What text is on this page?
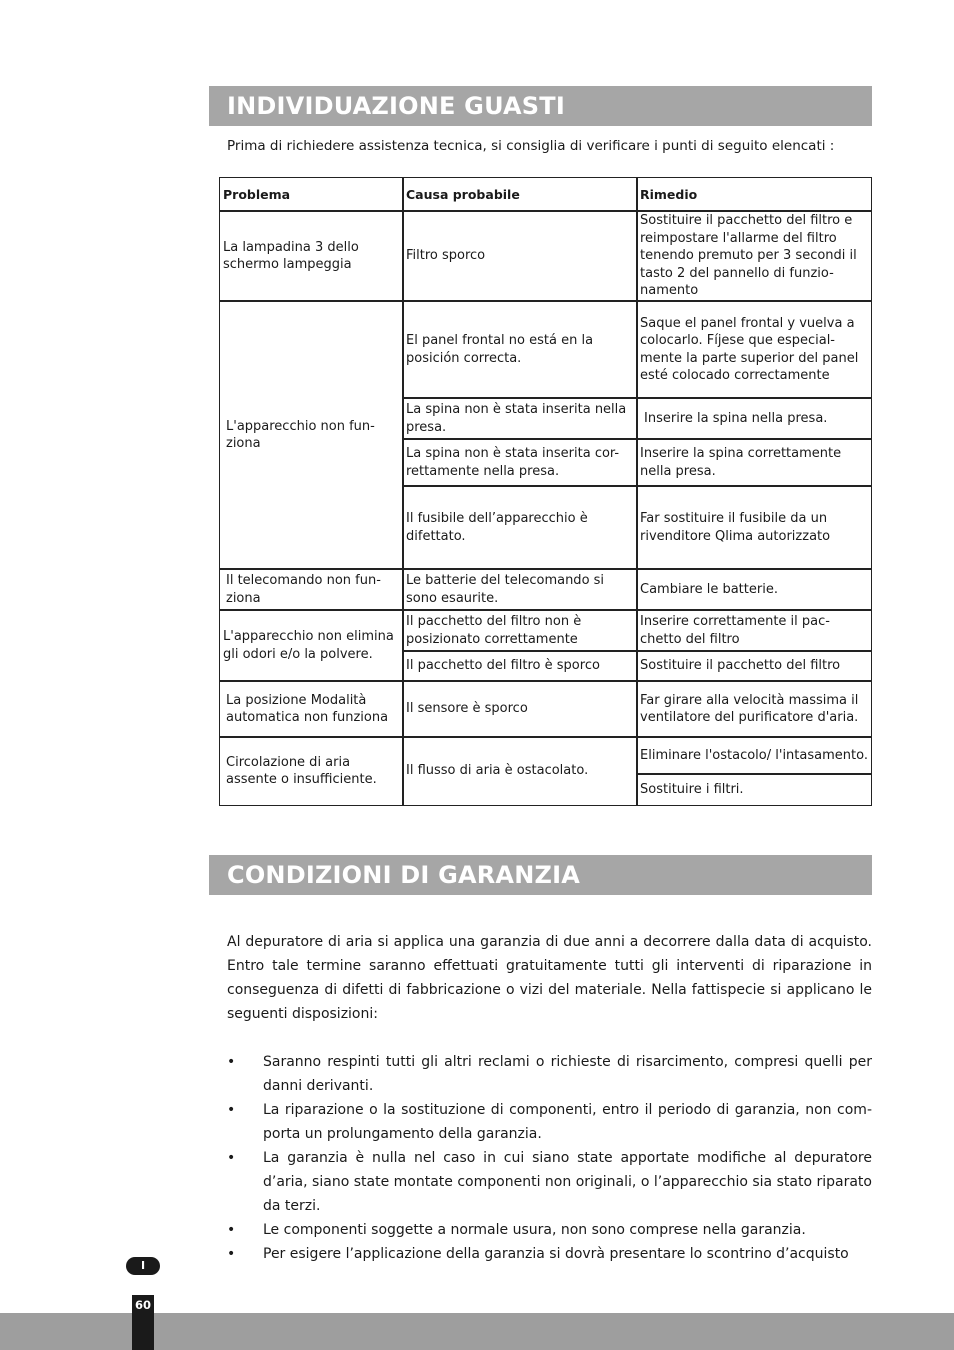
INDIVIDUAZIONE GUASTI
Prima di richiedere assistenza tecnica, si consiglia di verificare i punti di seguito elencati :
Problema	Causa probabile	Rimedio
La lampadina 3 dello schermo lampeggia
L'apparecchio non fun- ziona
Il telecomando non fun- ziona
L'apparecchio non elimina gli odori e/o la polvere.
La posizione Modalità automatica non funziona
Circolazione di aria assente o insufficiente.
Filtro sporco
El panel frontal no está en la posición correcta.
La spina non è stata inserita nella presa.
La spina non è stata inserita cor- rettamente nella presa.
Il fusibile dell’apparecchio è difettato.
Le batterie del telecomando si sono esaurite.
Il pacchetto del filtro non è posizionato correttamente
Il pacchetto del filtro è sporco
Il sensore è sporco
Il flusso di aria è ostacolato.
Sostituire il pacchetto del filtro e reimpostare l'allarme del filtro tenendo premuto per 3 secondi il tasto 2 del pannello di funzio- namento
Saque el panel frontal y vuelva a colocarlo. Fíjese que especial- mente la parte superior del panel esté colocado correctamente
Inserire la spina nella presa.
Inserire la spina correttamente nella presa.
Far sostituire il fusibile da un rivenditore Qlima autorizzato
Cambiare le batterie.
Inserire correttamente il pac- chetto del filtro
Sostituire il pacchetto del filtro
Far girare alla velocità massima il ventilatore del purificatore d'aria.
Eliminare l'ostacolo/ l'intasamento.
Sostituire i filtri.
CONDIZIONI DI GARANZIA
Al depuratore di aria si applica una garanzia di due anni a decorrere dalla data di acquisto. Entro tale termine saranno effettuati gratuitamente tutti gli interventi di riparazione in conseguenza di difetti di fabbricazione o vizi del materiale. Nella fattispecie si applicano le seguenti disposizioni:
• Saranno respinti tutti gli altri reclami o richieste di risarcimento, compresi quelli per danni derivanti.
• La riparazione o la sostituzione di componenti, entro il periodo di garanzia, non com- porta un prolungamento della garanzia.
• La garanzia è nulla nel caso in cui siano state apportate modifiche al depuratore d’aria, siano state montate componenti non originali, o l’apparecchio sia stato riparato da terzi.
• Le componenti soggette a normale usura, non sono comprese nella garanzia.
• Per esigere l’applicazione della garanzia si dovrà presentare lo scontrino d’acquisto
I
60
